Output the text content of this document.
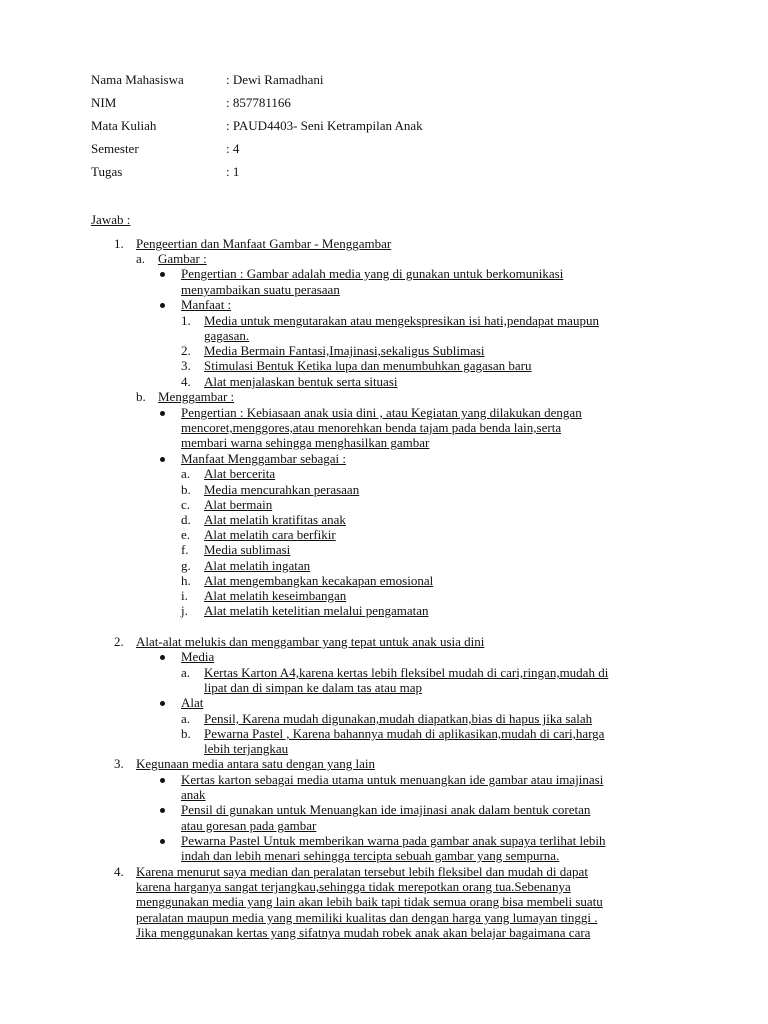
Nama Mahasiswa	: Dewi Ramadhani
NIM	: 857781166
Mata Kuliah	: PAUD4403- Seni Ketrampilan Anak
Semester	: 4
Tugas	: 1
Jawab :
1. Pengeertian dan Manfaat Gambar - Menggambar
a. Gambar :
Pengertian : Gambar adalah media yang di gunakan untuk berkomunikasi
menyambaikan suatu perasaan
Manfaat :
1. Media untuk mengutarakan atau mengekspresikan isi hati,pendapat maupun
gagasan.
2. Media Bermain Fantasi,Imajinasi,sekaligus Sublimasi
3. Stimulasi Bentuk Ketika lupa dan menumbuhkan gagasan baru
4. Alat menjalaskan bentuk serta situasi
b. Menggambar :
Pengertian : Kebiasaan anak usia dini , atau Kegiatan yang dilakukan dengan
mencoret,menggores,atau menorehkan benda tajam pada benda lain,serta
membari warna sehingga menghasilkan gambar
Manfaat Menggambar sebagai :
a. Alat bercerita
b. Media mencurahkan perasaan
c. Alat bermain
d. Alat melatih kratifitas anak
e. Alat melatih cara berfikir
f. Media sublimasi
g. Alat melatih ingatan
h. Alat mengembangkan kecakapan emosional
i. Alat melatih keseimbangan
j. Alat melatih ketelitian melalui pengamatan
2. Alat-alat melukis dan menggambar yang tepat untuk anak usia dini
Media
a. Kertas Karton A4,karena kertas lebih fleksibel mudah di cari,ringan,mudah di
lipat dan di simpan ke dalam tas atau map
Alat
a. Pensil, Karena mudah digunakan,mudah diapatkan,bias di hapus jika salah
b. Pewarna Pastel , Karena bahannya mudah di aplikasikan,mudah di cari,harga
lebih terjangkau
3. Kegunaan media antara satu dengan yang lain
Kertas karton sebagai media utama untuk menuangkan ide gambar atau imajinasi
anak
Pensil di gunakan untuk Menuangkan ide imajinasi anak dalam bentuk coretan
atau goresan pada gambar
Pewarna Pastel Untuk memberikan warna pada gambar anak supaya terlihat lebih
indah dan lebih menari sehingga tercipta sebuah gambar yang sempurna.
4. Karena menurut saya median dan peralatan tersebut lebih fleksibel dan mudah di dapat
karena harganya sangat terjangkau,sehingga tidak merepotkan orang tua.Sebenanya
menggunakan media yang lain akan lebih baik tapi tidak semua orang bisa membeli suatu
peralatan maupun media yang memiliki kualitas dan dengan harga yang lumayan tinggi .
Jika menggunakan kertas yang sifatnya mudah robek anak akan belajar bagaimana cara
